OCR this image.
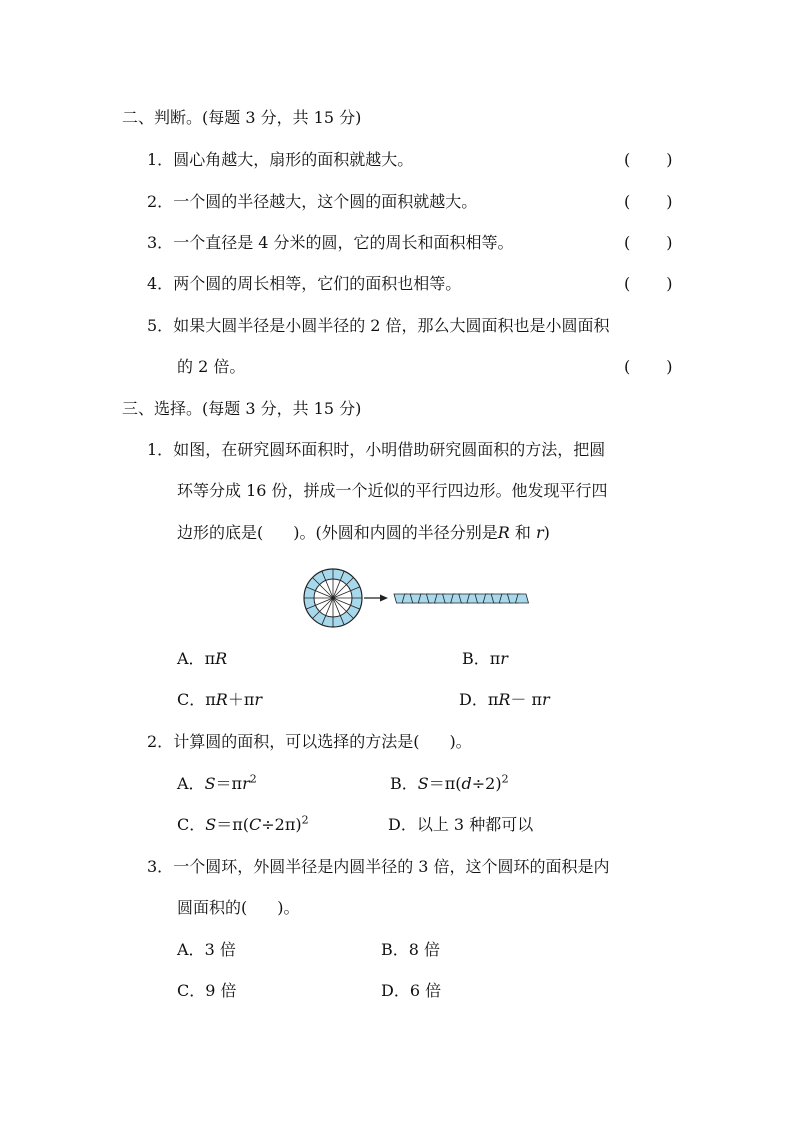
二、判断。(每题 3 分，共 15 分)
1．圆心角越大，扇形的面积就越大。	( )
2．一个圆的半径越大，这个圆的面积就越大。	( )
3．一个直径是 4 分米的圆，它的周长和面积相等。	( )
4．两个圆的周长相等，它们的面积也相等。	( )
5．如果大圆半径是小圆半径的 2 倍，那么大圆面积也是小圆面积
的 2 倍。	( )
三、选择。(每题 3 分，共 15 分)
1．如图，在研究圆环面积时，小明借助研究圆面积的方法，把圆
环等分成 16 份，拼成一个近似的平行四边形。他发现平行四
边形的底是( )。(外圆和内圆的半径分别是R 和 r)
A．πR	B．πr
C．πR＋πr	D．πR－ πr
2．计算圆的面积，可以选择的方法是( )。
A．$S=\pi r^2$	B．$S=\pi(d\div 2)^2$
C．$S=\pi(C\div 2\pi)^2$	D．以上 3 种都可以
3．一个圆环，外圆半径是内圆半径的 3 倍，这个圆环的面积是内
圆面积的( )。
A．3 倍	B．8 倍
C．9 倍	D．6 倍
